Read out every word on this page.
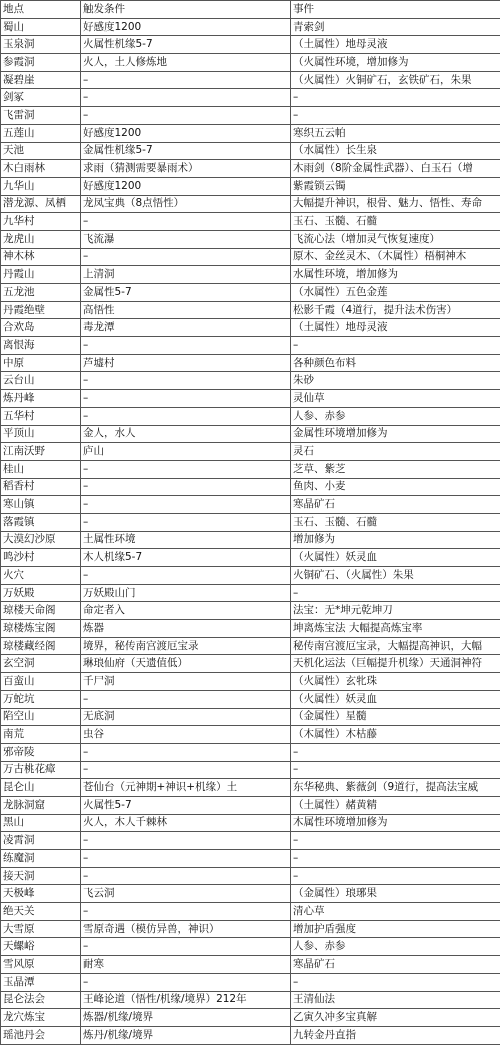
地点	触发条件	事件
蜀山	好感度1200	青索剑
玉泉洞	火属性机缘5-7	（土属性）地母灵液
参霞洞	火人，土人修炼地	（火属性环境，增加修为
凝碧崖	–	（火属性）火铜矿石，玄铁矿石，朱果
剑冢	–	–
飞雷洞	–	–
五莲山	好感度1200	寒织五云帕
天池	金属性机缘5-7	（水属性）长生泉
木白雨林	求雨（猜测需要暴雨术）	木雨剑（8阶金属性武器）、白玉石（增
九华山	好感度1200	紫霞锁云镯
潜龙源、凤栖	龙凤宝典（8点悟性）	大幅提升神识，根骨、魅力、悟性、寿命
九华村	–	玉石、玉髓、石髓
龙虎山	飞流瀑	飞流心法（增加灵气恢复速度）
神木林	–	原木、金丝灵木、（木属性）梧桐神木
丹霞山	上清洞	水属性环境，增加修为
五龙池	金属性5-7	（水属性）五色金莲
丹霞绝壁	高悟性	松影千霞（4道行，提升法术伤害）
合欢岛	毒龙潭	（土属性）地母灵液
离恨海	–	–
中原	芦墟村	各种颜色布料
云台山	–	朱砂
炼丹峰	–	灵仙草
五华村	–	人参、赤参
平顶山	金人，水人	金属性环境增加修为
江南沃野	庐山	灵石
桂山	–	芝草、紫芝
稻香村	–	鱼肉、小麦
寒山镇	–	寒晶矿石
落霞镇	–	玉石、玉髓、石髓
大漠幻沙原	土属性环境	增加修为
鸣沙村	木人机缘5-7	（火属性）妖灵血
火穴	–	火铜矿石、（火属性）朱果
万妖殿	万妖殿山门	–
琼楼天命阁	命定者入	法宝：无*坤元乾坤刀
琼楼炼宝阁	炼器	坤离炼宝法 大幅提高炼宝率
琼楼藏经阁	境界，秘传南宫渡厄宝录	秘传南宫渡厄宝录，大幅提高神识，大幅
玄空洞	琳琅仙府（天遗值低）	天机化运法（巨幅提升机缘）天通洞神符
百蛮山	千尸洞	（火属性）玄牝珠
万蛇坑	–	（火属性）妖灵血
陷空山	无底洞	（金属性）星髓
南荒	虫谷	（木属性）木枯藤
邪帝陵	–	–
万古桃花瘴	–	–
昆仑山	苍仙台（元神期+神识+机缘）土	东华秘典、紫薇剑（9道行，提高法宝威
龙脉洞窟	火属性5-7	（土属性）赭黄精
黑山	火人，木人千棘林	木属性环境增加修为
凌霄洞	–	–
练魔洞	–	–
接天洞	–	–
天极峰	飞云洞	（金属性）琅琊果
绝天关	–	清心草
大雪原	雪原奇遇（模仿异兽，神识）	增加护盾强度
天螺峪	–	人参、赤参
雪风原	耐寒	寒晶矿石
玉晶潭	–	–
昆仑法会	王峰论道（悟性/机缘/境界）212年	王清仙法
龙穴炼宝	炼器/机缘/境界	乙寅久冲多宝真解
瑶池丹会	炼丹/机缘/境界	九转金丹直指
